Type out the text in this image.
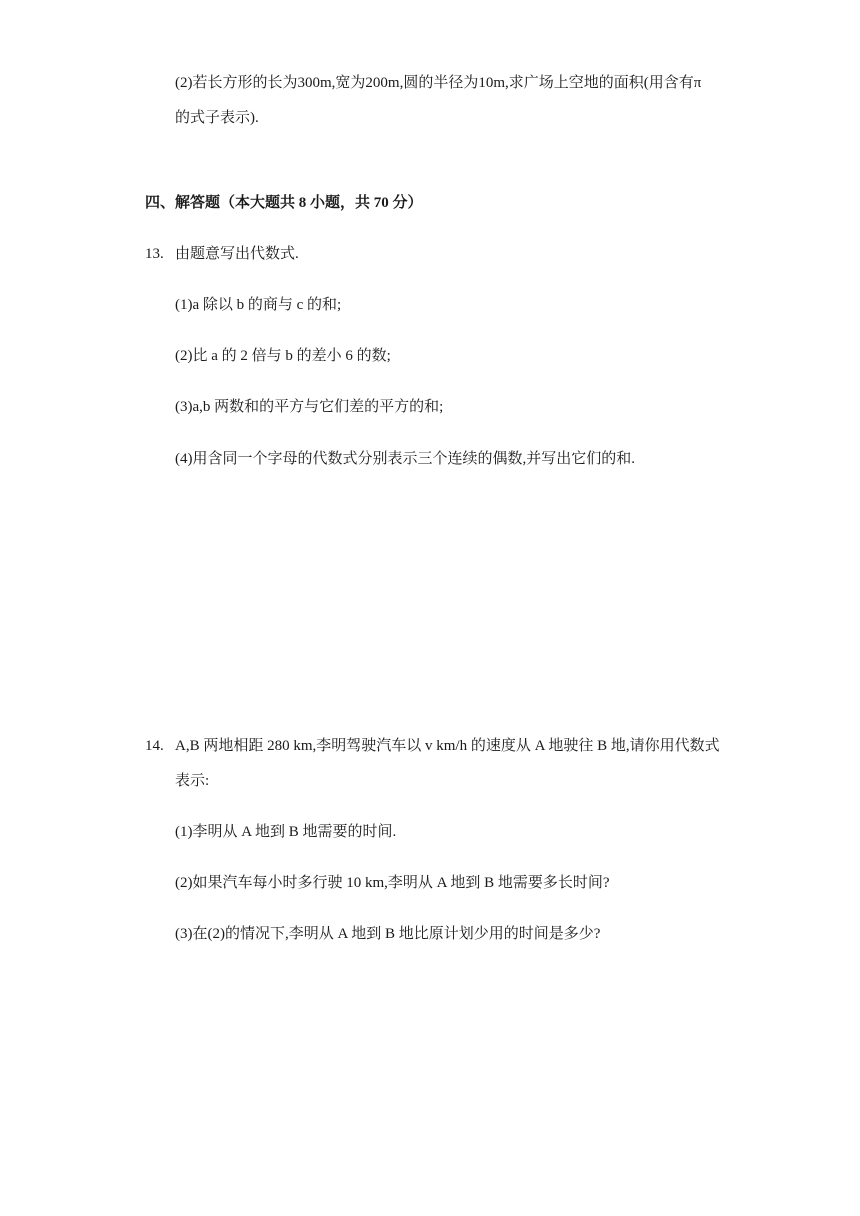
(2)若长方形的长为300m,宽为200m,圆的半径为10m,求广场上空地的面积(用含有π
的式子表示).
四、解答题（本大题共 8 小题，共 70 分）
13. 由题意写出代数式.
(1)a 除以 b 的商与 c 的和;
(2)比 a 的 2 倍与 b 的差小 6 的数;
(3)a,b 两数和的平方与它们差的平方的和;
(4)用含同一个字母的代数式分别表示三个连续的偶数,并写出它们的和.
14. A,B 两地相距 280 km,李明驾驶汽车以 v km/h 的速度从 A 地驶往 B 地,请你用代数式
表示:
(1)李明从 A 地到 B 地需要的时间.
(2)如果汽车每小时多行驶 10 km,李明从 A 地到 B 地需要多长时间?
(3)在(2)的情况下,李明从 A 地到 B 地比原计划少用的时间是多少?
